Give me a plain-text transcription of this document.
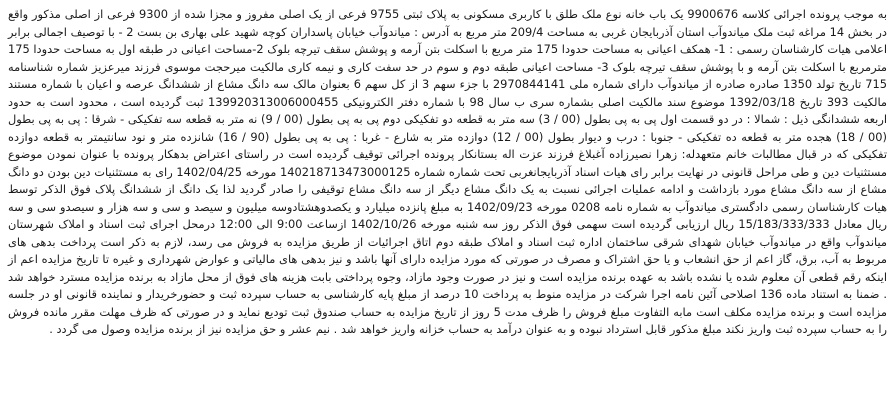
به موجب پرونده اجرائی کلاسه 9900676 یک باب خانه نوع ملک طلق با کاربری مسکونی به پلاک ثبتی 9755 فرعی از یک اصلی مفروز و مجزا شده از 9300 فرعی از اصلی مذکور واقع در بخش 14 مراغه ثبت ملک میاندوآب استان آذربایجان غربی به مساحت 209/4 متر مربع به آدرس : میاندوآب خیابان پاسداران کوچه شهید علی بهاری بن بست 2 - با توصیف اجمالی برابر اعلامی هیات کارشناسان رسمی : 1- همکف اعیانی به مساحت حدودا 175 متر مربع با اسکلت بتن آرمه و پوشش سقف تیرچه بلوک 2-مساحت اعیانی در طبقه اول به مساحت حدودا 175 مترمربع با اسکلت بتن آرمه و با پوشش سقف تیرچه بلوک 3- مساحت اعیانی طبقه دوم و سوم در حد سفت کاری و نیمه کاری مالکیت میرحجت موسوی فرزند میرعزیز شماره شناسنامه 715 تاریخ تولد 1350 صادره صادره از میاندوآب دارای شماره ملی 2970844141 با جزء سهم 3 از کل سهم 6 بعنوان مالک سه دانگ مشاع از ششدانگ عرصه و اعیان با شماره مستند مالکیت 393 تاریخ 1392/03/18 موضوع سند مالکیت اصلی بشماره سری ب سال 98 با شماره دفتر الکترونیکی 139920313006000455 ثبت گردیده است ، محدود است به حدود اربعه ششدانگی ذیل : شمالا : در دو قسمت اول پی به پی بطول (00 / 3) سه متر به قطعه دو تفکیکی دوم پی به پی بطول (00 / 9) نه متر به قطعه سه تفکیکی - شرقا : پی به پی بطول (00 / 18) هجده متر به قطعه ده تفکیکی - جنوبا : درب و دیوار بطول (00 / 12) دوازده متر به شارع - غربا : پی به پی بطول (90 / 16) شانزده متر و نود سانتیمتر به قطعه دوازده تفکیکی که در قبال مطالبات خانم متعهدله: زهرا نصیرزاده آغبلاغ فرزند عزت اله بستانکار پرونده اجرائی توقیف گردیده است در راستای اعتراض بدهکار پرونده با عنوان نمودن موضوع مستثنیات دین و طی مراحل قانونی در نهایت برابر رای هیات اسناد آذربایجانغربی تحت شماره شماره 140218713473000125 مورخه 1402/04/25 رای به مستثنیات دین بودن دو دانگ مشاع از سه دانگ مشاع مورد بازداشت و ادامه عملیات اجرائی نسبت به یک دانگ مشاع دیگر از سه دانگ مشاع توقیفی را صادر گردید لذا یک دانگ از ششدانگ پلاک فوق الذکر توسط هیات کارشناسان رسمی دادگستری میاندوآب به شماره نامه 0208 مورخه 1402/09/23 به مبلغ پانزده میلیارد و یکصدوهشتادوسه میلیون و سیصد و سی و سه هزار و سیصدو سی و سه ریال معادل 15/183/333/333 ریال ارزیابی گردیده است سهمی فوق الذکر روز سه شنبه مورخه 1402/10/26 ازساعت 9:00 الی 12:00 درمحل اجرای ثبت اسناد و املاک شهرستان میاندوآب واقع در میاندوآب خیابان شهدای شرقی ساختمان اداره ثبت اسناد و املاک طبقه دوم اتاق اجرائیات از طریق مزایده به فروش می رسد، لازم به ذکر است پرداخت بدهی های مربوط به آب، برق، گاز اعم از حق انشعاب و یا حق اشتراک و مصرف در صورتی که مورد مزایده دارای آنها باشد و نیز بدهی های مالیاتی و عوارض شهرداری و غیره تا تاریخ مزایده اعم از اینکه رقم قطعی آن معلوم شده یا نشده باشد به عهده برنده مزایده است و نیز در صورت وجود مازاد، وجوه پرداختی بابت هزینه های فوق از محل مازاد به برنده مزایده مسترد خواهد شد . ضمنا به استناد ماده 136 اصلاحی آئین نامه اجرا شرکت در مزایده منوط به پرداخت 10 درصد از مبلغ پایه کارشناسی به حساب سپرده ثبت و حضورخریدار و نماینده قانونی او در جلسه مزایده است و برنده مزایده مکلف است مابه التفاوت مبلغ فروش را ظرف مدت 5 روز از تاریخ مزایده به حساب صندوق ثبت تودیع نماید و در صورتی که ظرف مهلت مقرر مانده فروش را به حساب سپرده ثبت واریز نکند مبلغ مذکور قابل استرداد نبوده و به عنوان درآمد به حساب خزانه واریز خواهد شد . نیم عشر و حق مزایده نیز از برنده مزایده وصول می گردد .
